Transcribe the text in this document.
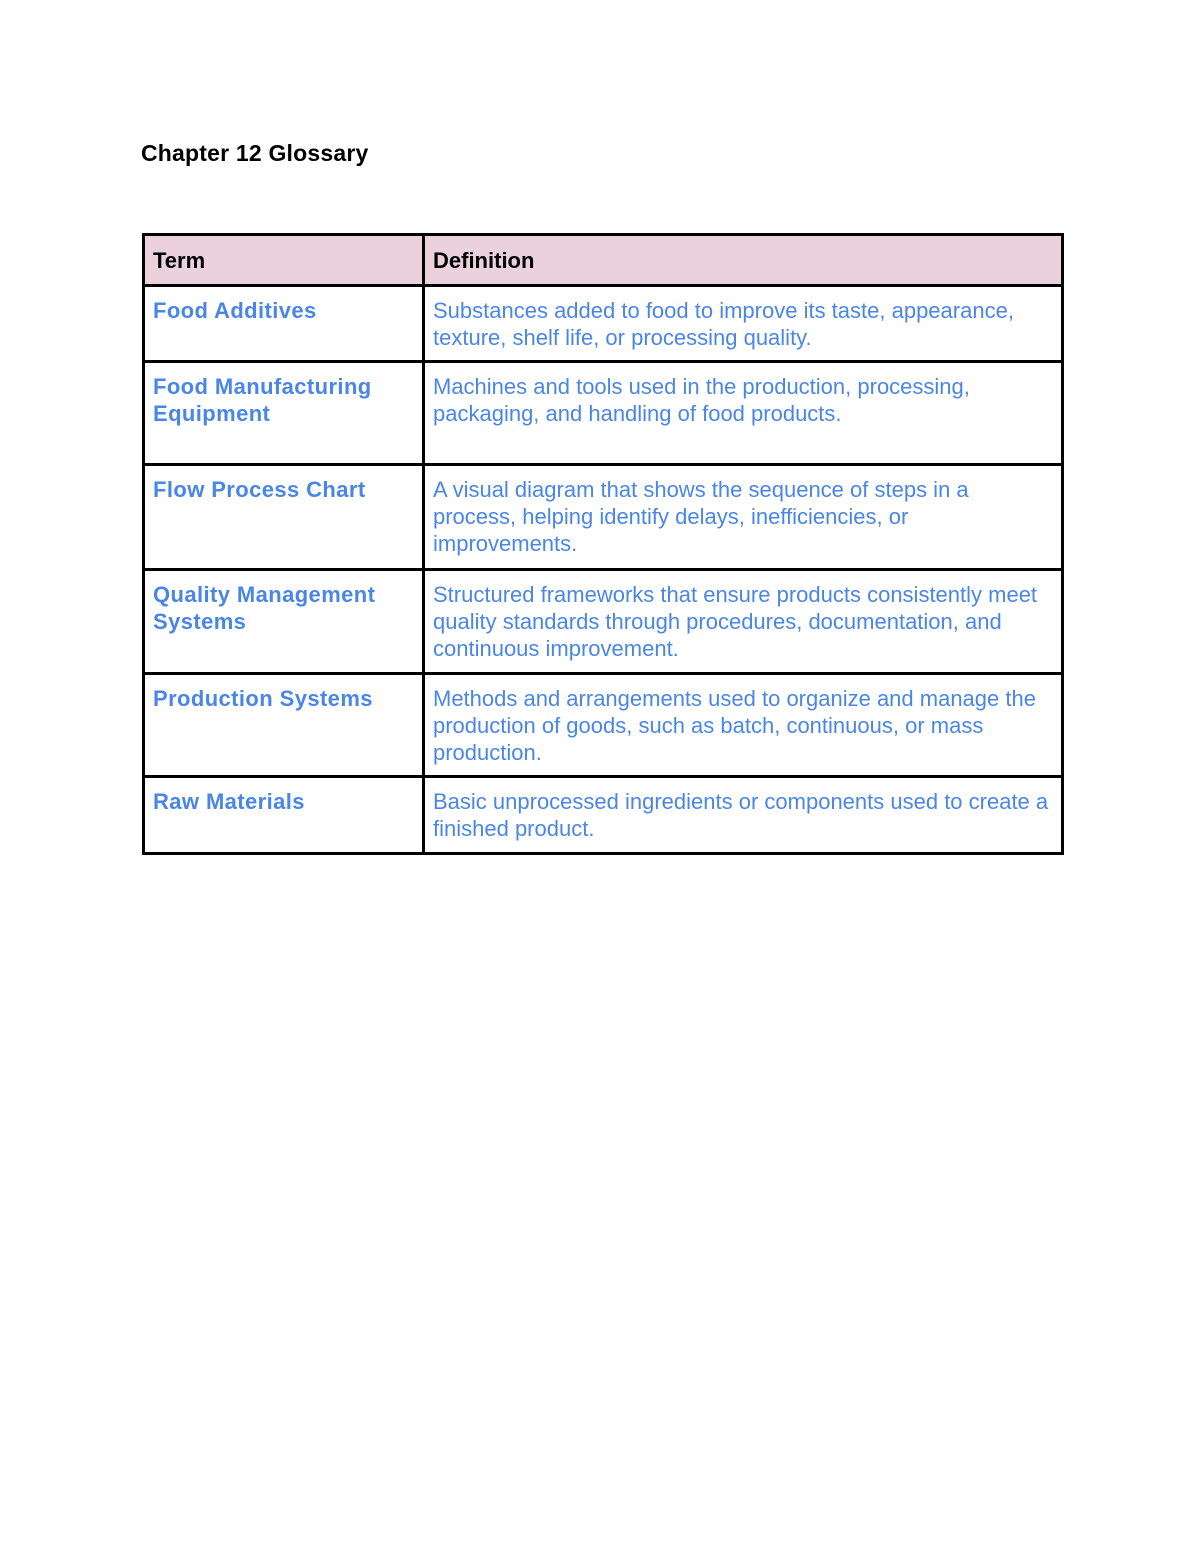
Chapter 12 Glossary
Term	Definition
Food Additives	Substances added to food to improve its taste, appearance, texture, shelf life, or processing quality.
Food Manufacturing Equipment	Machines and tools used in the production, processing, packaging, and handling of food products.
Flow Process Chart	A visual diagram that shows the sequence of steps in a process, helping identify delays, inefficiencies, or improvements.
Quality Management Systems	Structured frameworks that ensure products consistently meet quality standards through procedures, documentation, and continuous improvement.
Production Systems	Methods and arrangements used to organize and manage the production of goods, such as batch, continuous, or mass production.
Raw Materials	Basic unprocessed ingredients or components used to create a finished product.
